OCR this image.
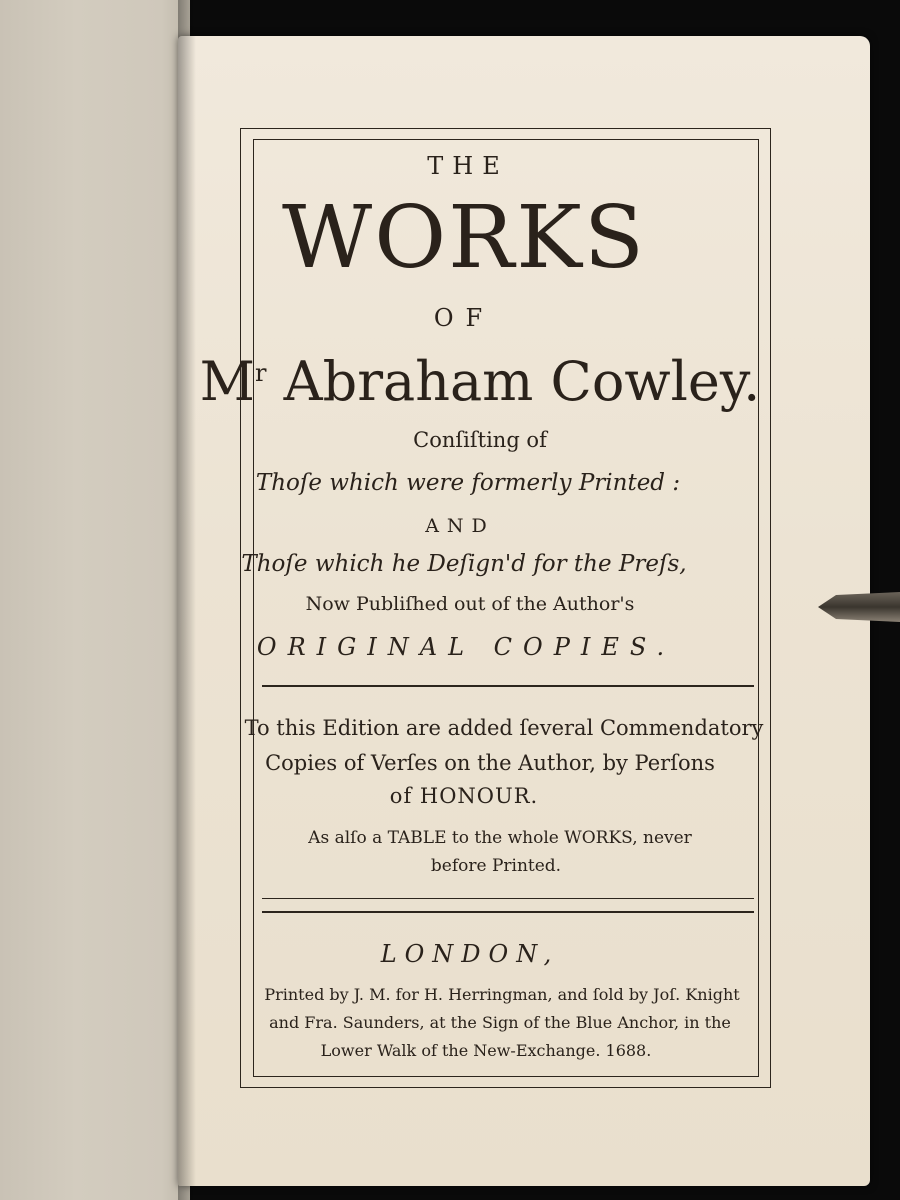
THE
WORKS
OF
$M^r$ Abraham Cowley.
Conſiſting of
Thoſe which were formerly Printed :
AND
Thoſe which he Deſign'd for the Preſs,
Now Publiſhed out of the Author's
ORIGINAL COPIES.
To this Edition are added ſeveral Commendatory
Copies of Verſes on the Author, by Perſons
of HONOUR.
As alſo a TABLE to the whole WORKS, never
before Printed.
LONDON,
Printed by J. M. for H. Herringman, and ſold by Joſ. Knight
and Fra. Saunders, at the Sign of the Blue Anchor, in the
Lower Walk of the New-Exchange. 1688.
